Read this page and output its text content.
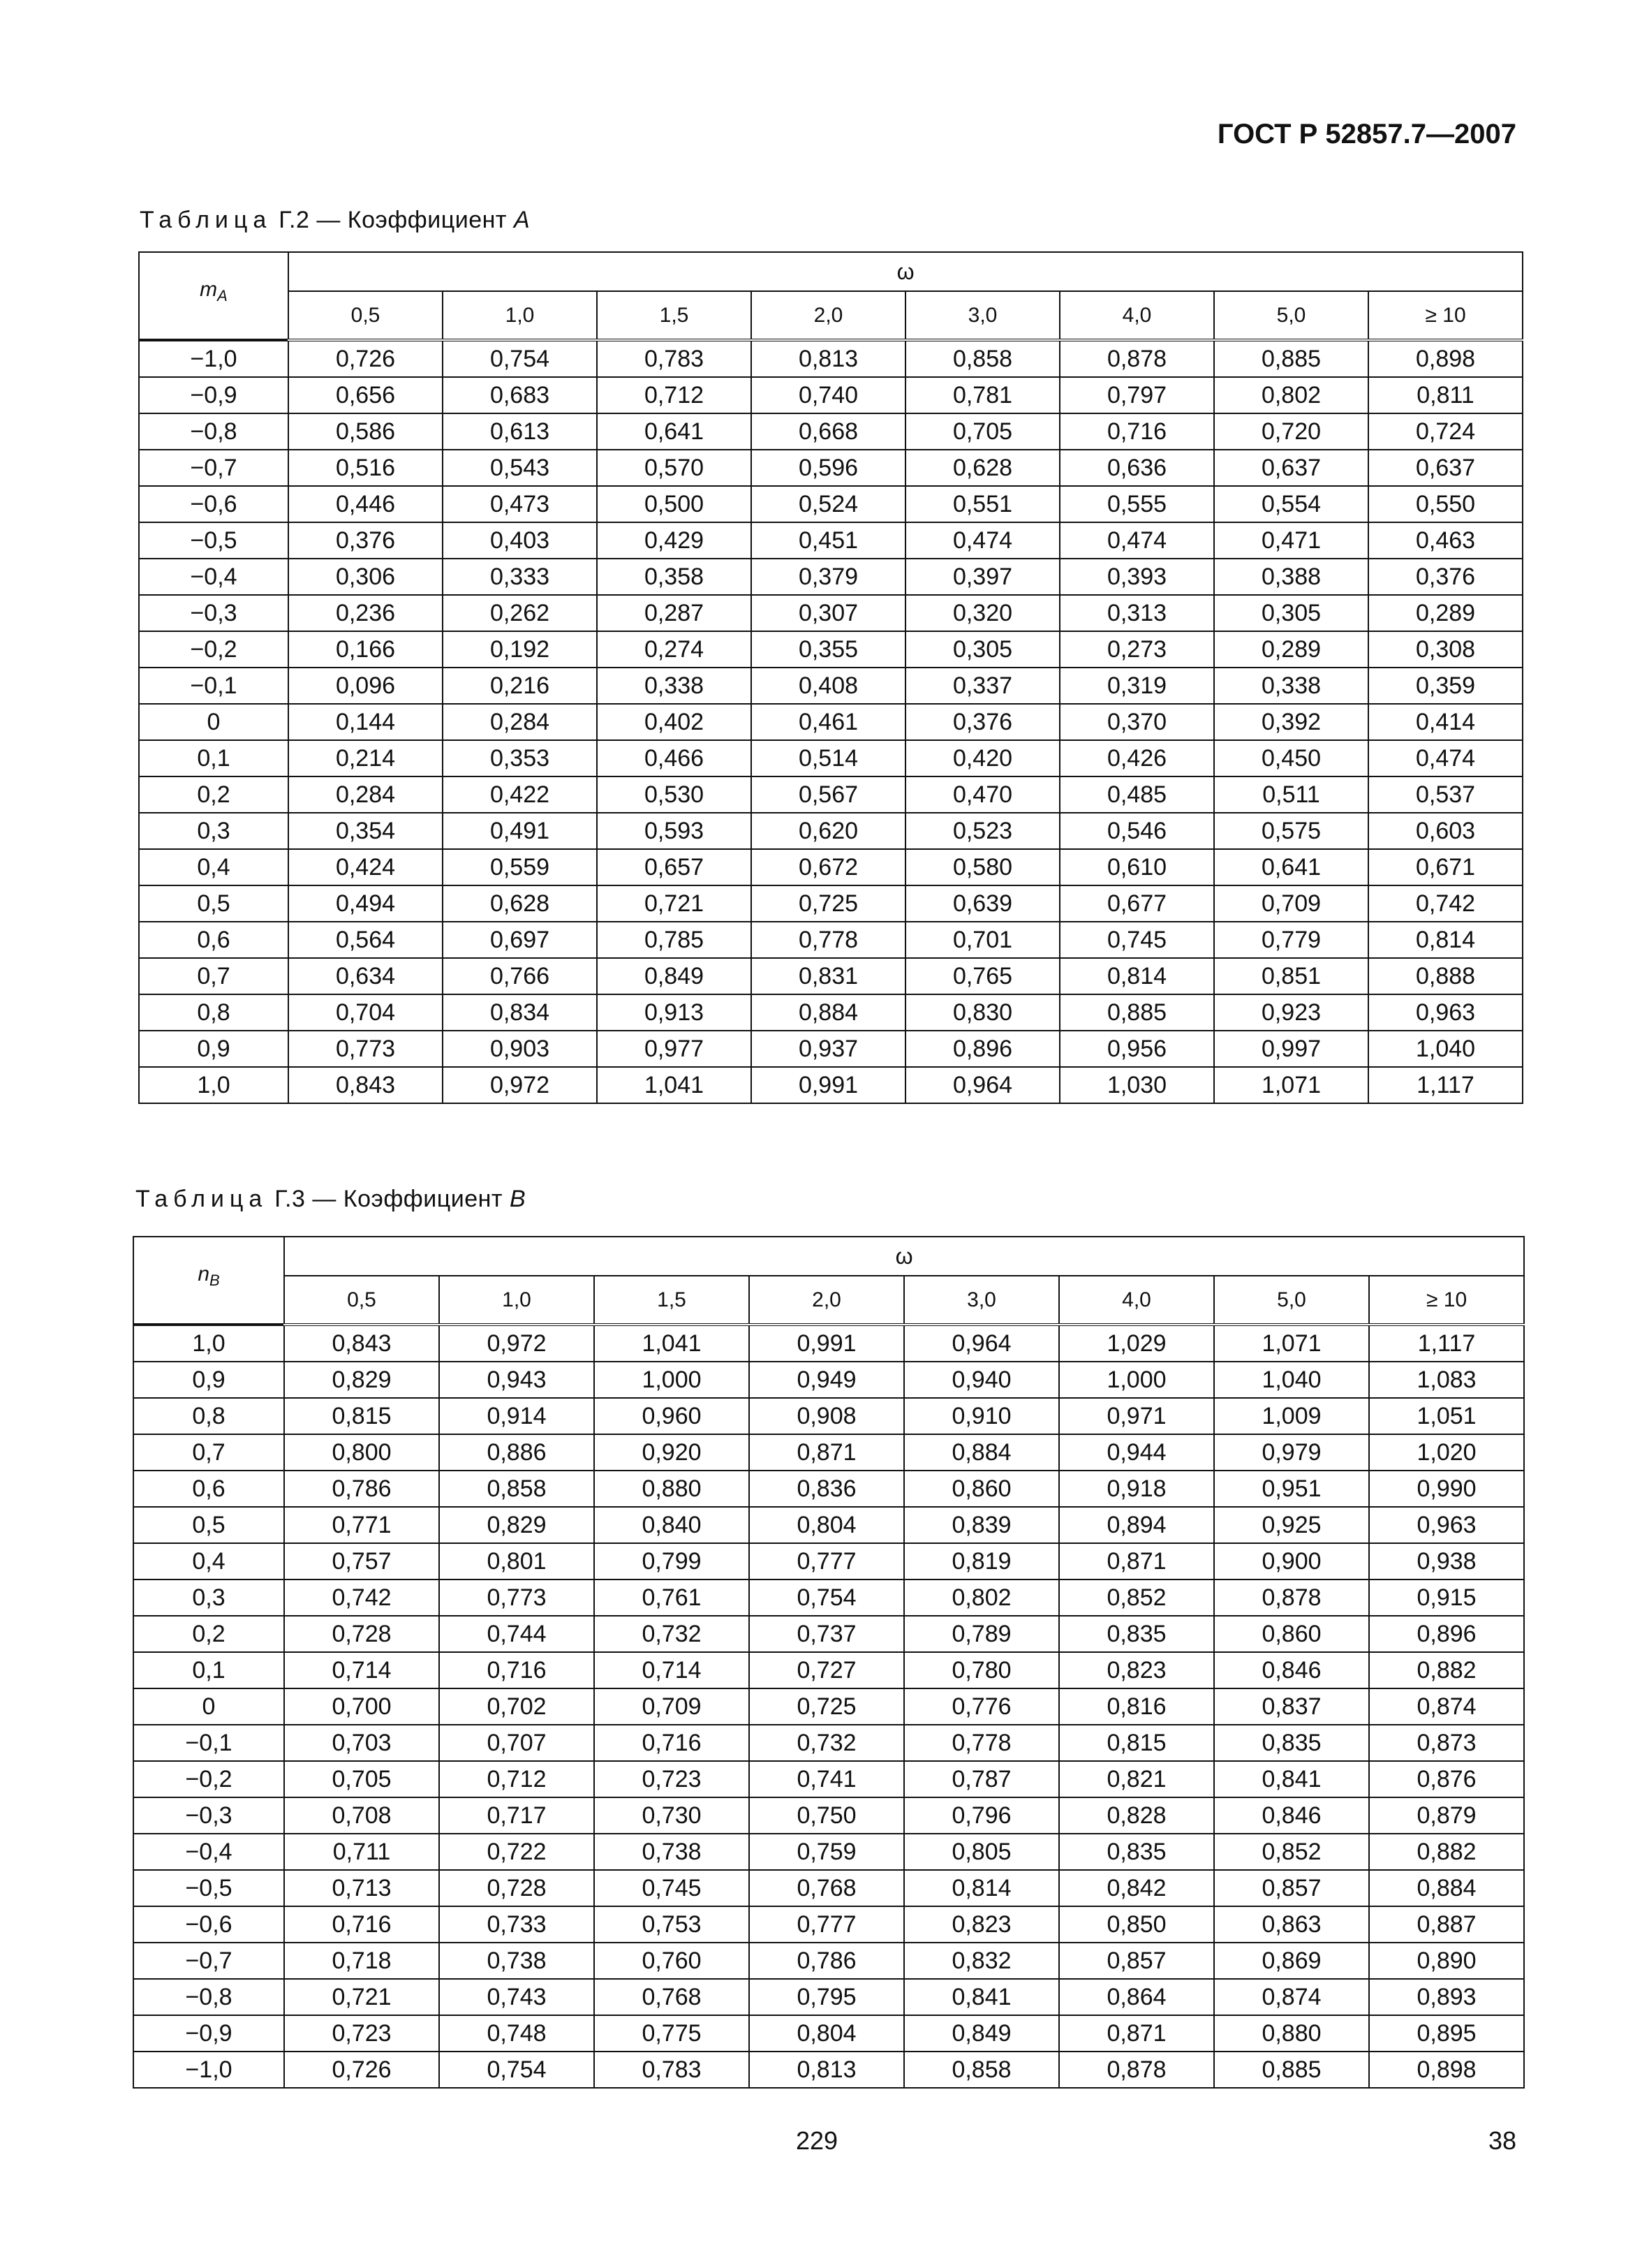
ГОСТ Р 52857.7—2007
Таблица Г.2 — Коэффициент A
$m_A$	ω							
	0,5	1,0	1,5	2,0	3,0	4,0	5,0	≥ 10
−1,0	0,726	0,754	0,783	0,813	0,858	0,878	0,885	0,898
−0,9	0,656	0,683	0,712	0,740	0,781	0,797	0,802	0,811
−0,8	0,586	0,613	0,641	0,668	0,705	0,716	0,720	0,724
−0,7	0,516	0,543	0,570	0,596	0,628	0,636	0,637	0,637
−0,6	0,446	0,473	0,500	0,524	0,551	0,555	0,554	0,550
−0,5	0,376	0,403	0,429	0,451	0,474	0,474	0,471	0,463
−0,4	0,306	0,333	0,358	0,379	0,397	0,393	0,388	0,376
−0,3	0,236	0,262	0,287	0,307	0,320	0,313	0,305	0,289
−0,2	0,166	0,192	0,274	0,355	0,305	0,273	0,289	0,308
−0,1	0,096	0,216	0,338	0,408	0,337	0,319	0,338	0,359
0	0,144	0,284	0,402	0,461	0,376	0,370	0,392	0,414
0,1	0,214	0,353	0,466	0,514	0,420	0,426	0,450	0,474
0,2	0,284	0,422	0,530	0,567	0,470	0,485	0,511	0,537
0,3	0,354	0,491	0,593	0,620	0,523	0,546	0,575	0,603
0,4	0,424	0,559	0,657	0,672	0,580	0,610	0,641	0,671
0,5	0,494	0,628	0,721	0,725	0,639	0,677	0,709	0,742
0,6	0,564	0,697	0,785	0,778	0,701	0,745	0,779	0,814
0,7	0,634	0,766	0,849	0,831	0,765	0,814	0,851	0,888
0,8	0,704	0,834	0,913	0,884	0,830	0,885	0,923	0,963
0,9	0,773	0,903	0,977	0,937	0,896	0,956	0,997	1,040
1,0	0,843	0,972	1,041	0,991	0,964	1,030	1,071	1,117
Таблица Г.3 — Коэффициент B
$n_B$	ω							
	0,5	1,0	1,5	2,0	3,0	4,0	5,0	≥ 10
1,0	0,843	0,972	1,041	0,991	0,964	1,029	1,071	1,117
0,9	0,829	0,943	1,000	0,949	0,940	1,000	1,040	1,083
0,8	0,815	0,914	0,960	0,908	0,910	0,971	1,009	1,051
0,7	0,800	0,886	0,920	0,871	0,884	0,944	0,979	1,020
0,6	0,786	0,858	0,880	0,836	0,860	0,918	0,951	0,990
0,5	0,771	0,829	0,840	0,804	0,839	0,894	0,925	0,963
0,4	0,757	0,801	0,799	0,777	0,819	0,871	0,900	0,938
0,3	0,742	0,773	0,761	0,754	0,802	0,852	0,878	0,915
0,2	0,728	0,744	0,732	0,737	0,789	0,835	0,860	0,896
0,1	0,714	0,716	0,714	0,727	0,780	0,823	0,846	0,882
0	0,700	0,702	0,709	0,725	0,776	0,816	0,837	0,874
−0,1	0,703	0,707	0,716	0,732	0,778	0,815	0,835	0,873
−0,2	0,705	0,712	0,723	0,741	0,787	0,821	0,841	0,876
−0,3	0,708	0,717	0,730	0,750	0,796	0,828	0,846	0,879
−0,4	0,711	0,722	0,738	0,759	0,805	0,835	0,852	0,882
−0,5	0,713	0,728	0,745	0,768	0,814	0,842	0,857	0,884
−0,6	0,716	0,733	0,753	0,777	0,823	0,850	0,863	0,887
−0,7	0,718	0,738	0,760	0,786	0,832	0,857	0,869	0,890
−0,8	0,721	0,743	0,768	0,795	0,841	0,864	0,874	0,893
−0,9	0,723	0,748	0,775	0,804	0,849	0,871	0,880	0,895
−1,0	0,726	0,754	0,783	0,813	0,858	0,878	0,885	0,898
229	38
